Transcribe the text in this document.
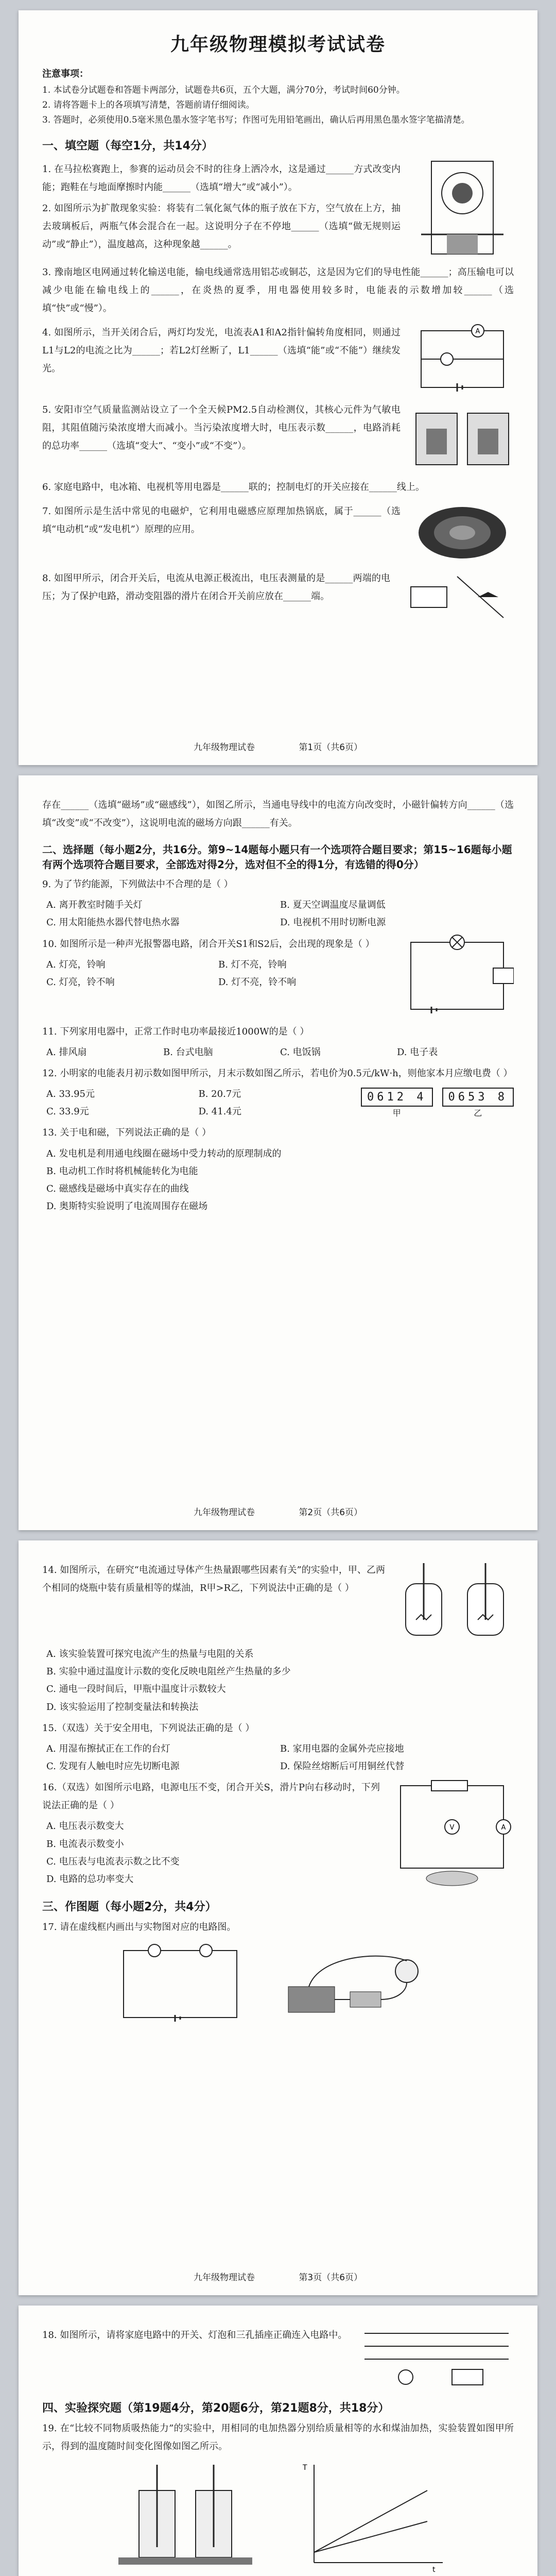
九年级物理模拟考试试卷
注意事项：
1. 本试卷分试题卷和答题卡两部分，试题卷共6页，五个大题，满分70分，考试时间60分钟。
2. 请将答题卡上的各项填写清楚，答题前请仔细阅读。
3. 答题时，必须使用0.5毫米黑色墨水签字笔书写；作图可先用铅笔画出，确认后再用黑色墨水签字笔描清楚。
一、填空题（每空1分，共14分）
1. 在马拉松赛跑上，参赛的运动员会不时的往身上洒冷水，这是通过______方式改变内能；跑鞋在与地面摩擦时内能______（选填“增大”或“减小”）。
2. 如图所示为扩散现象实验：将装有二氧化氮气体的瓶子放在下方，空气放在上方，抽去玻璃板后，两瓶气体会混合在一起。这说明分子在不停地______（选填“做无规则运动”或“静止”），温度越高，这种现象越______。
3. 豫南地区电网通过转化输送电能，输电线通常选用铝芯或铜芯，这是因为它们的导电性能______；高压输电可以减少电能在输电线上的______，在炎热的夏季，用电器使用较多时，电能表的示数增加较______（选填“快”或“慢”）。
4. 如图所示，当开关闭合后，两灯均发光，电流表A1和A2指针偏转角度相同，则通过L1与L2的电流之比为______；若L2灯丝断了，L1______（选填“能”或“不能”）继续发光。
A
5. 安阳市空气质量监测站设立了一个全天候PM2.5自动检测仪，其核心元件为气敏电阻，其阻值随污染浓度增大而减小。当污染浓度增大时，电压表示数______，电路消耗的总功率______（选填“变大”、“变小”或“不变”）。
6. 家庭电路中，电冰箱、电视机等用电器是______联的；控制电灯的开关应接在______线上。
7. 如图所示是生活中常见的电磁炉，它利用电磁感应原理加热锅底，属于______（选填“电动机”或“发电机”）原理的应用。
8. 如图甲所示，闭合开关后，电流从电源正极流出，电压表测量的是______两端的电压；为了保护电路，滑动变阻器的滑片在闭合开关前应放在______端。
九年级物理试卷	第1页（共6页）
存在______（选填“磁场”或“磁感线”），如图乙所示，当通电导线中的电流方向改变时，小磁针偏转方向______（选填“改变”或“不改变”），这说明电流的磁场方向跟______有关。
二、选择题（每小题2分，共16分。第9~14题每小题只有一个选项符合题目要求；第15~16题每小题有两个选项符合题目要求，全部选对得2分，选对但不全的得1分，有选错的得0分）
9. 为了节约能源，下列做法中不合理的是（ ）
A. 离开教室时随手关灯	B. 夏天空调温度尽量调低
C. 用太阳能热水器代替电热水器	D. 电视机不用时切断电源
10. 如图所示是一种声光报警器电路，闭合开关S1和S2后，会出现的现象是（ ）
A. 灯亮，铃响	B. 灯不亮，铃响
C. 灯亮，铃不响	D. 灯不亮，铃不响
11. 下列家用电器中，正常工作时电功率最接近1000W的是（ ）
A. 排风扇	B. 台式电脑	C. 电饭锅	D. 电子表
12. 小明家的电能表月初示数如图甲所示，月末示数如图乙所示，若电价为0.5元/kW·h，则他家本月应缴电费（ ）
A. 33.95元	B. 20.7元
C. 33.9元	D. 41.4元
0612 4
甲
0653 8
乙
13. 关于电和磁，下列说法正确的是（ ）
A. 发电机是利用通电线圈在磁场中受力转动的原理制成的
B. 电动机工作时将机械能转化为电能
C. 磁感线是磁场中真实存在的曲线
D. 奥斯特实验说明了电流周围存在磁场
九年级物理试卷	第2页（共6页）
14. 如图所示，在研究“电流通过导体产生热量跟哪些因素有关”的实验中，甲、乙两个相同的烧瓶中装有质量相等的煤油，R甲>R乙，下列说法中正确的是（ ）
A. 该实验装置可探究电流产生的热量与电阻的关系
B. 实验中通过温度计示数的变化反映电阻丝产生热量的多少
C. 通电一段时间后，甲瓶中温度计示数较大
D. 该实验运用了控制变量法和转换法
15.（双选）关于安全用电，下列说法正确的是（ ）
A. 用湿布擦拭正在工作的台灯	B. 家用电器的金属外壳应接地
C. 发现有人触电时应先切断电源	D. 保险丝熔断后可用铜丝代替
16.（双选）如图所示电路，电源电压不变，闭合开关S，滑片P向右移动时，下列说法正确的是（ ）
A. 电压表示数变大
B. 电流表示数变小
C. 电压表与电流表示数之比不变
D. 电路的总功率变大
A
V
三、作图题（每小题2分，共4分）
17. 请在虚线框内画出与实物图对应的电路图。
九年级物理试卷	第3页（共6页）
18. 如图所示，请将家庭电路中的开关、灯泡和三孔插座正确连入电路中。
四、实验探究题（第19题4分，第20题6分，第21题8分，共18分）
19. 在“比较不同物质吸热能力”的实验中，用相同的电加热器分别给质量相等的水和煤油加热，实验装置如图甲所示，得到的温度随时间变化图像如图乙所示。
t
T
